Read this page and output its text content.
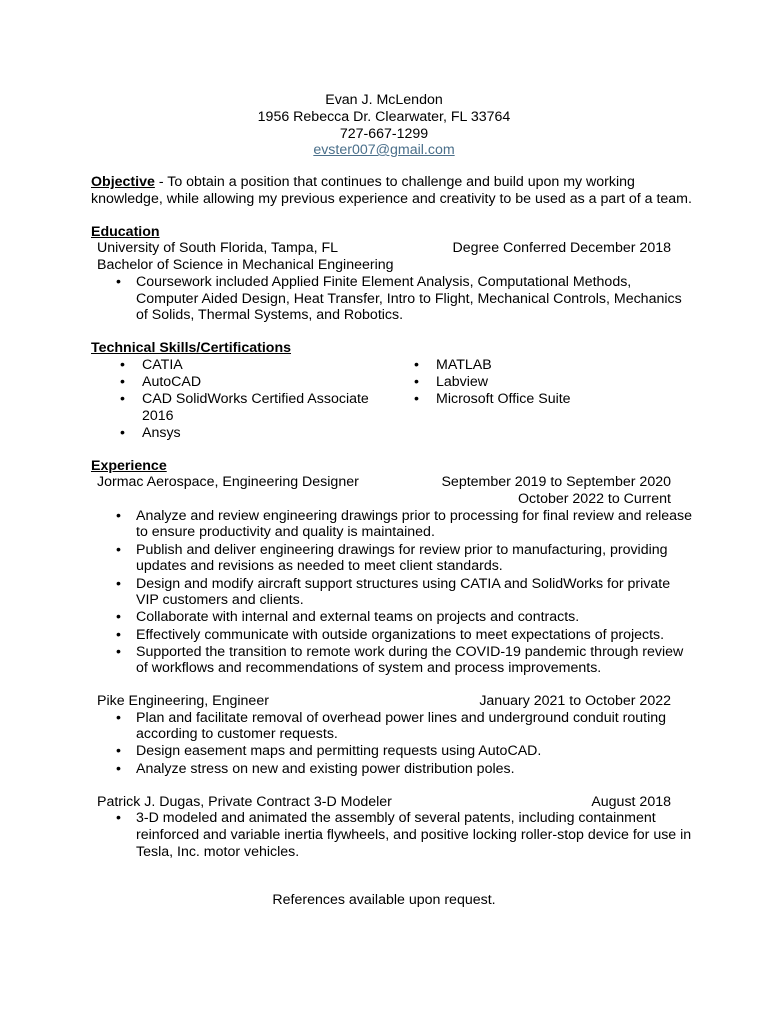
Evan J. McLendon
1956 Rebecca Dr. Clearwater, FL 33764
727-667-1299
evster007@gmail.com
Objective - To obtain a position that continues to challenge and build upon my working
knowledge, while allowing my previous experience and creativity to be used as a part of a team.
Education
University of South Florida, Tampa, FL	Degree Conferred December 2018
Bachelor of Science in Mechanical Engineering
•	Coursework included Applied Finite Element Analysis, Computational Methods,
Computer Aided Design, Heat Transfer, Intro to Flight, Mechanical Controls, Mechanics
of Solids, Thermal Systems, and Robotics.
Technical Skills/Certifications
•	CATIA
•	AutoCAD
•	CAD SolidWorks Certified Associate
2016
•	Ansys
•	MATLAB
•	Labview
•	Microsoft Office Suite
Experience
Jormac Aerospace, Engineering Designer	September 2019 to September 2020
October 2022 to Current
•	Analyze and review engineering drawings prior to processing for final review and release
to ensure productivity and quality is maintained.
•	Publish and deliver engineering drawings for review prior to manufacturing, providing
updates and revisions as needed to meet client standards.
•	Design and modify aircraft support structures using CATIA and SolidWorks for private
VIP customers and clients.
•	Collaborate with internal and external teams on projects and contracts.
•	Effectively communicate with outside organizations to meet expectations of projects.
•	Supported the transition to remote work during the COVID-19 pandemic through review
of workflows and recommendations of system and process improvements.
Pike Engineering, Engineer	January 2021 to October 2022
•	Plan and facilitate removal of overhead power lines and underground conduit routing
according to customer requests.
•	Design easement maps and permitting requests using AutoCAD.
•	Analyze stress on new and existing power distribution poles.
Patrick J. Dugas, Private Contract 3-D Modeler	August 2018
•	3-D modeled and animated the assembly of several patents, including containment
reinforced and variable inertia flywheels, and positive locking roller-stop device for use in
Tesla, Inc. motor vehicles.
References available upon request.
